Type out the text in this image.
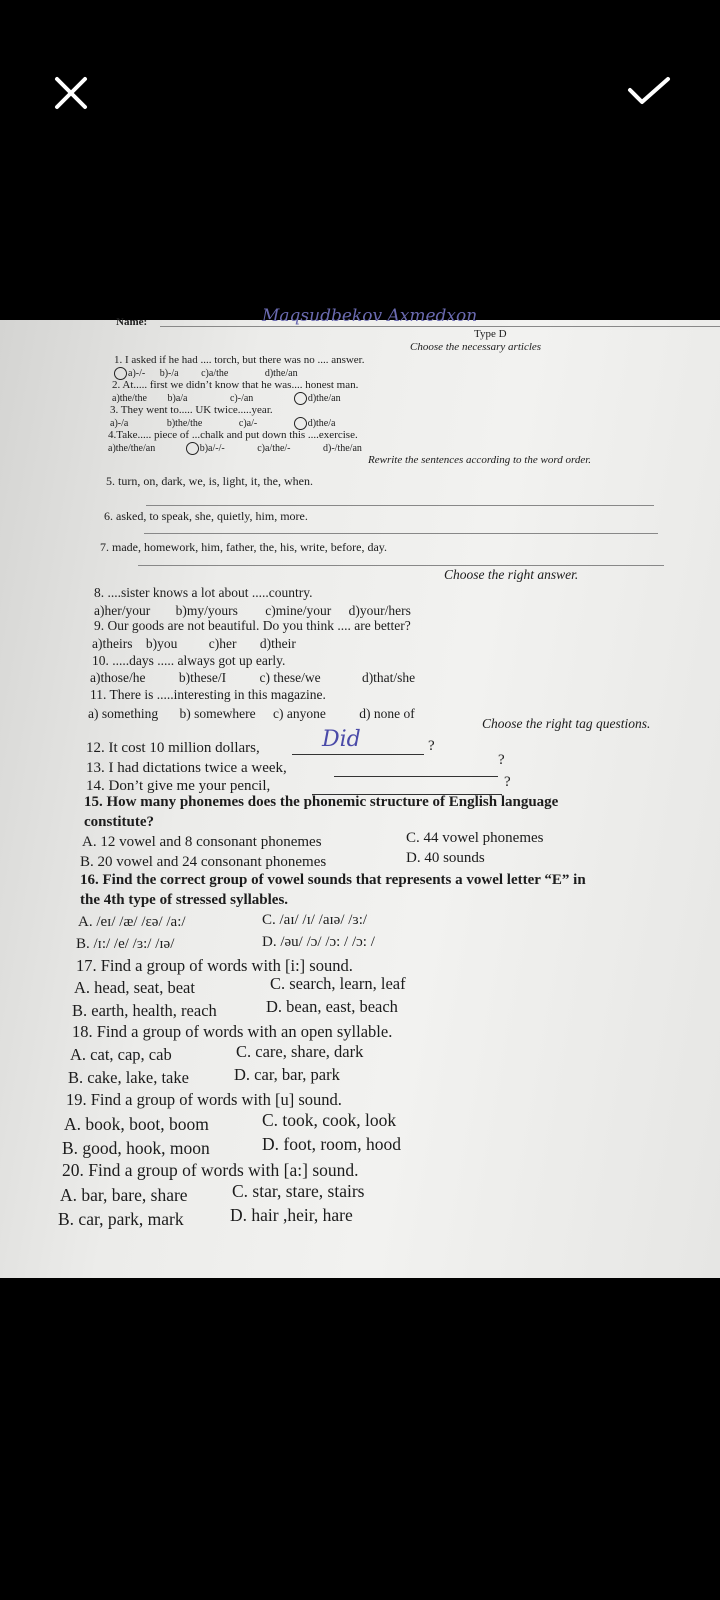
Name:	Maqsudbekov Axmedxon
Type D
Choose the necessary articles
1. I asked if he had .... torch, but there was no .... answer.
a)-/- b)-/a c)a/the	d)the/an
2. At..... first we didn’t know that he was.... honest man.
a)the/the b)a/a	c)-/an	d)the/an
3. They went to..... UK twice.....year.
a)-/a	b)the/the	c)a/-	d)the/a
4.Take..... piece of ...chalk and put down this ....exercise.
a)the/the/an	b)a/-/-	c)a/the/-	d)-/the/an
Rewrite the sentences according to the word order.
5. turn, on, dark, we, is, light, it, the, when.
6. asked, to speak, she, quietly, him, more.
7. made, homework, him, father, the, his, write, before, day.
Choose the right answer.
8. ....sister knows a lot about .....country.
a)her/your b)my/yours c)mine/your d)your/hers
9. Our goods are not beautiful. Do you think .... are better?
a)theirs b)you c)her d)their
10. .....days ..... always got up early.
a)those/he b)these/I c) these/we	d)that/she
11. There is .....interesting in this magazine.
a) something b) somewhere c) anyone d) none of
Choose the right tag questions.
12. It cost 10 million dollars,	Did	?
13. I had dictations twice a week,	?
14. Don’t give me your pencil,	?
15. How many phonemes does the phonemic structure of English language
constitute?
A. 12 vowel and 8 consonant phonemes	C. 44 vowel phonemes
B. 20 vowel and 24 consonant phonemes	D. 40 sounds
16. Find the correct group of vowel sounds that represents a vowel letter “E” in
the 4th type of stressed syllables.
A. /eɪ/ /æ/ /ɛə/ /a:/	C. /aɪ/ /ɪ/ /aɪə/ /ɜ:/
B. /ɪ:/ /e/ /ɜ:/ /ɪə/	D. /əu/ /ɔ/ /ɔ: / /ɔ: /
17. Find a group of words with [i:] sound.
A. head, seat, beat	C. search, learn, leaf
B. earth, health, reach	D. bean, east, beach
18. Find a group of words with an open syllable.
A. cat, cap, cab	C. care, share, dark
B. cake, lake, take	D. car, bar, park
19. Find a group of words with [u] sound.
A. book, boot, boom	C. took, cook, look
B. good, hook, moon	D. foot, room, hood
20. Find a group of words with [a:] sound.
A. bar, bare, share	C. star, stare, stairs
B. car, park, mark	D. hair ,heir, hare
